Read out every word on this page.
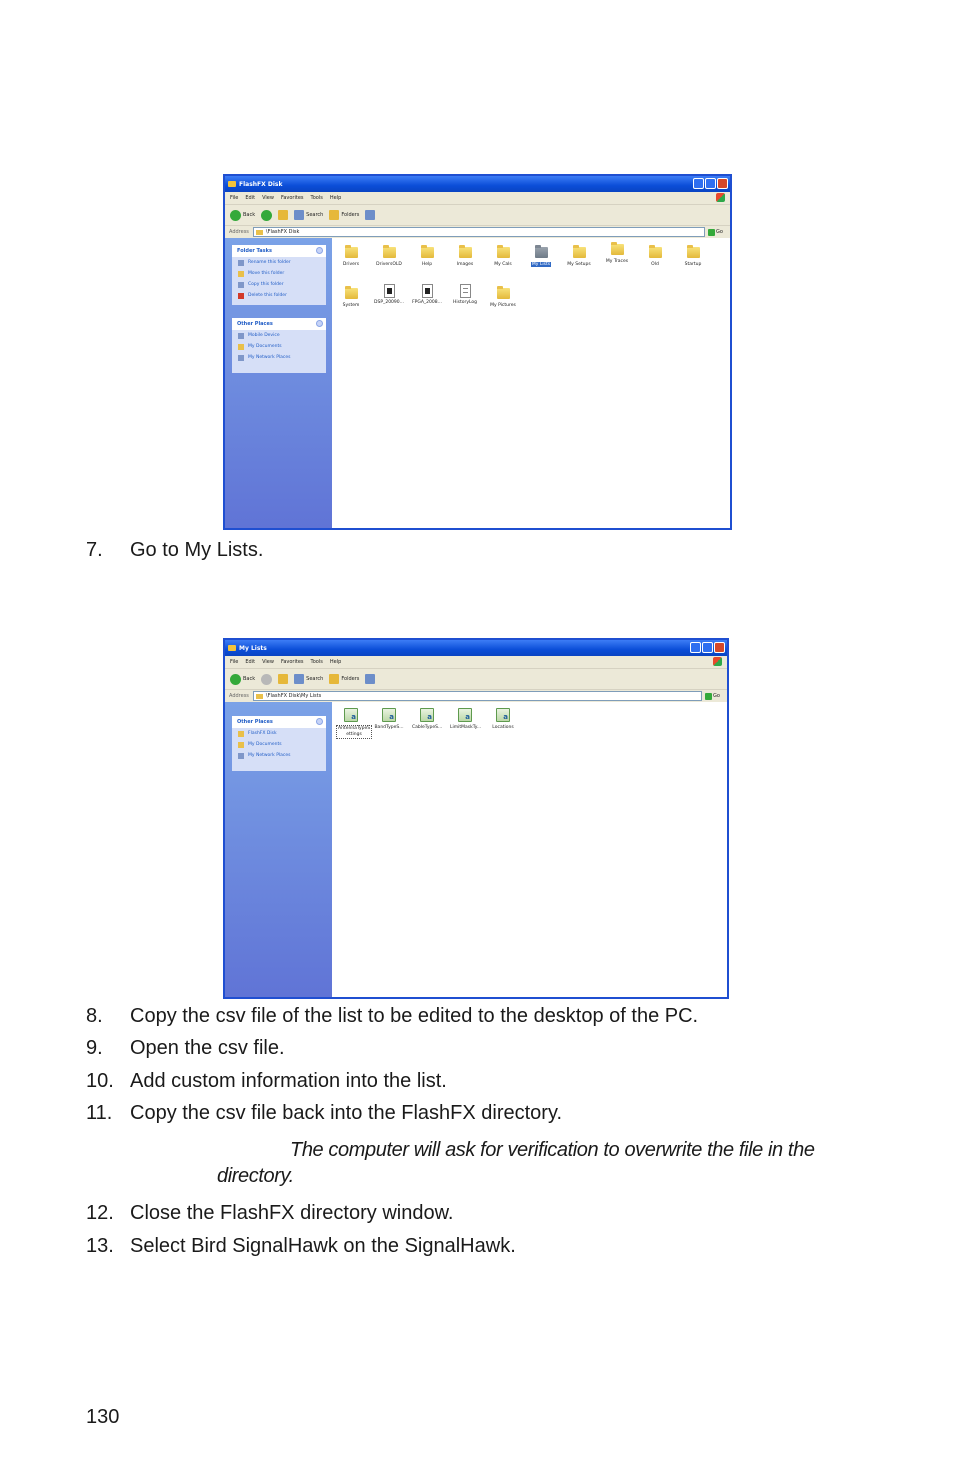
FlashFX Disk
File Edit View Favorites Tools Help
Back	Search	Folders
Address	\FlashFX Disk	Go
Folder Tasks
Rename this folder
Move this folder
Copy this folder
Delete this folder
Other Places
Mobile Device
My Documents
My Network Places
Drivers	DriversOLD	Help	Images	My Cals	My Lists	My Setups
My Traces
Old	Startup
System
DSP_20090... FPGA_2008...	HistoryLog
My Pictures
7. Go to My Lists.
My Lists
File Edit View Favorites Tools Help
Back	Search	Folders
Address	\FlashFX Disk\My Lists	Go
Other Places
FlashFX Disk
My Documents
My Network Places
a
AntennaTypeS ettings
a
BandTypeS...
a CableTypeS...
a LimitMaskTy...
a	Locations
8. Copy the csv file of the list to be edited to the desktop of the PC.
9. Open the csv file.
10. Add custom information into the list.
11. Copy the csv file back into the FlashFX directory.
The computer will ask for verification to overwrite the file in the directory.
12. Close the FlashFX directory window.
13. Select Bird SignalHawk on the SignalHawk.
130
